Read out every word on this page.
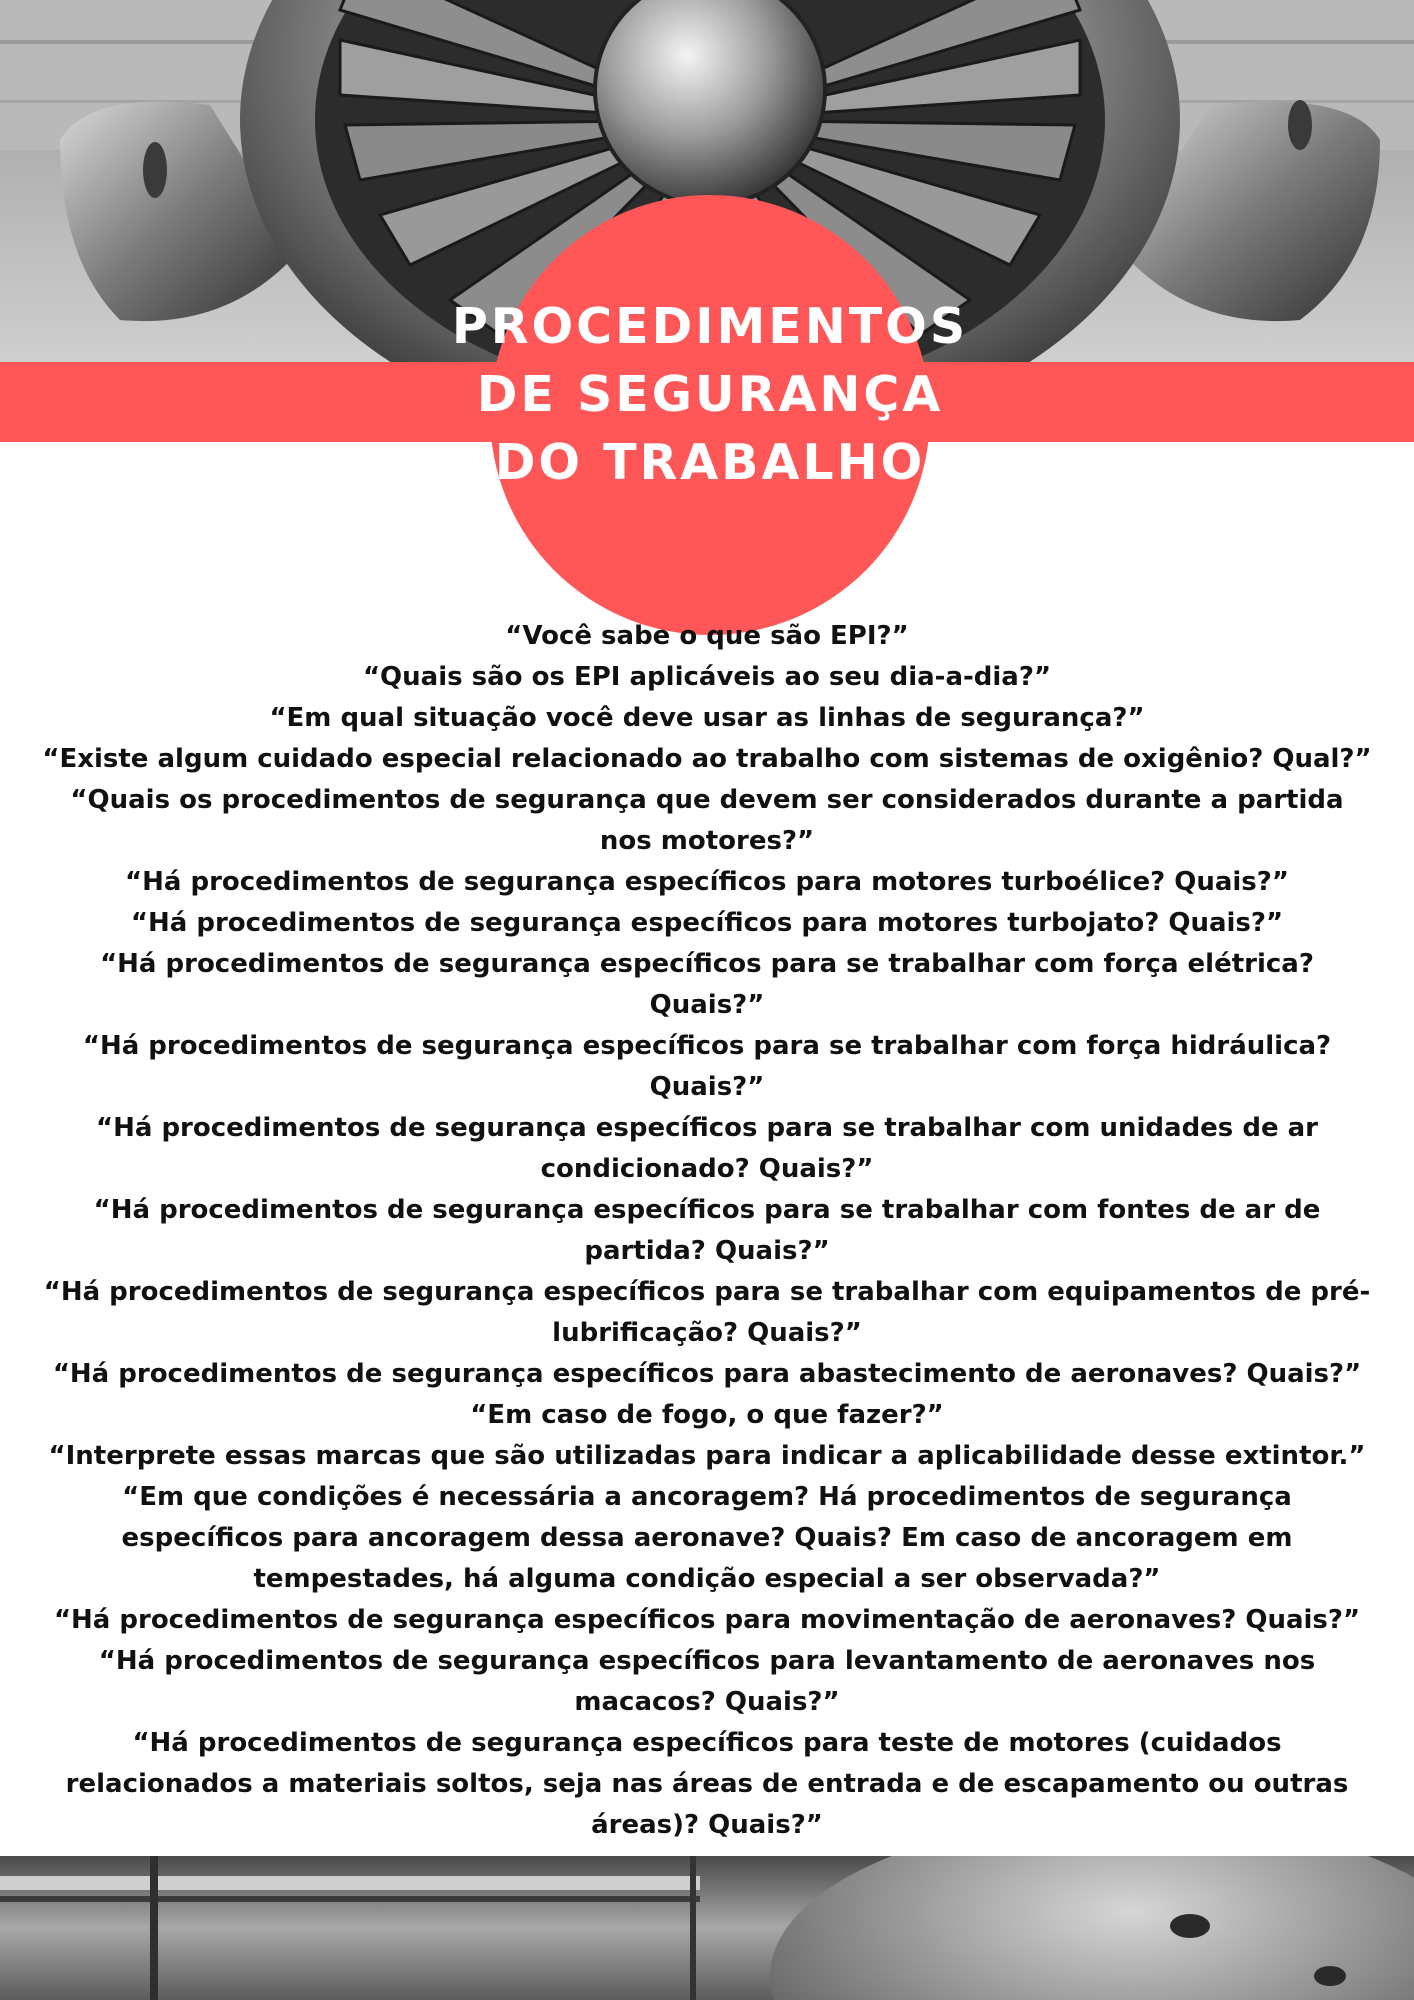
PROCEDIMENTOS
DE SEGURANÇA
DO TRABALHO

“Você sabe o que são EPI?”

“Quais são os EPI aplicáveis ao seu dia-a-dia?”

“Em qual situação você deve usar as linhas de segurança?”

“Existe algum cuidado especial relacionado ao trabalho com sistemas de oxigênio? Qual?”

“Quais os procedimentos de segurança que devem ser considerados durante a partida nos motores?”

“Há procedimentos de segurança específicos para motores turboélice? Quais?”

“Há procedimentos de segurança específicos para motores turbojato? Quais?”

“Há procedimentos de segurança específicos para se trabalhar com força elétrica? Quais?”

“Há procedimentos de segurança específicos para se trabalhar com força hidráulica? Quais?”

“Há procedimentos de segurança específicos para se trabalhar com unidades de ar condicionado? Quais?”

“Há procedimentos de segurança específicos para se trabalhar com fontes de ar de partida? Quais?”

“Há procedimentos de segurança específicos para se trabalhar com equipamentos de pré-lubrificação? Quais?”

“Há procedimentos de segurança específicos para abastecimento de aeronaves? Quais?”

“Em caso de fogo, o que fazer?”

“Interprete essas marcas que são utilizadas para indicar a aplicabilidade desse extintor.”

“Em que condições é necessária a ancoragem? Há procedimentos de segurança específicos para ancoragem dessa aeronave? Quais? Em caso de ancoragem em tempestades, há alguma condição especial a ser observada?”

“Há procedimentos de segurança específicos para movimentação de aeronaves? Quais?”

“Há procedimentos de segurança específicos para levantamento de aeronaves nos macacos? Quais?”

“Há procedimentos de segurança específicos para teste de motores (cuidados relacionados a materiais soltos, seja nas áreas de entrada e de escapamento ou outras áreas)? Quais?”
